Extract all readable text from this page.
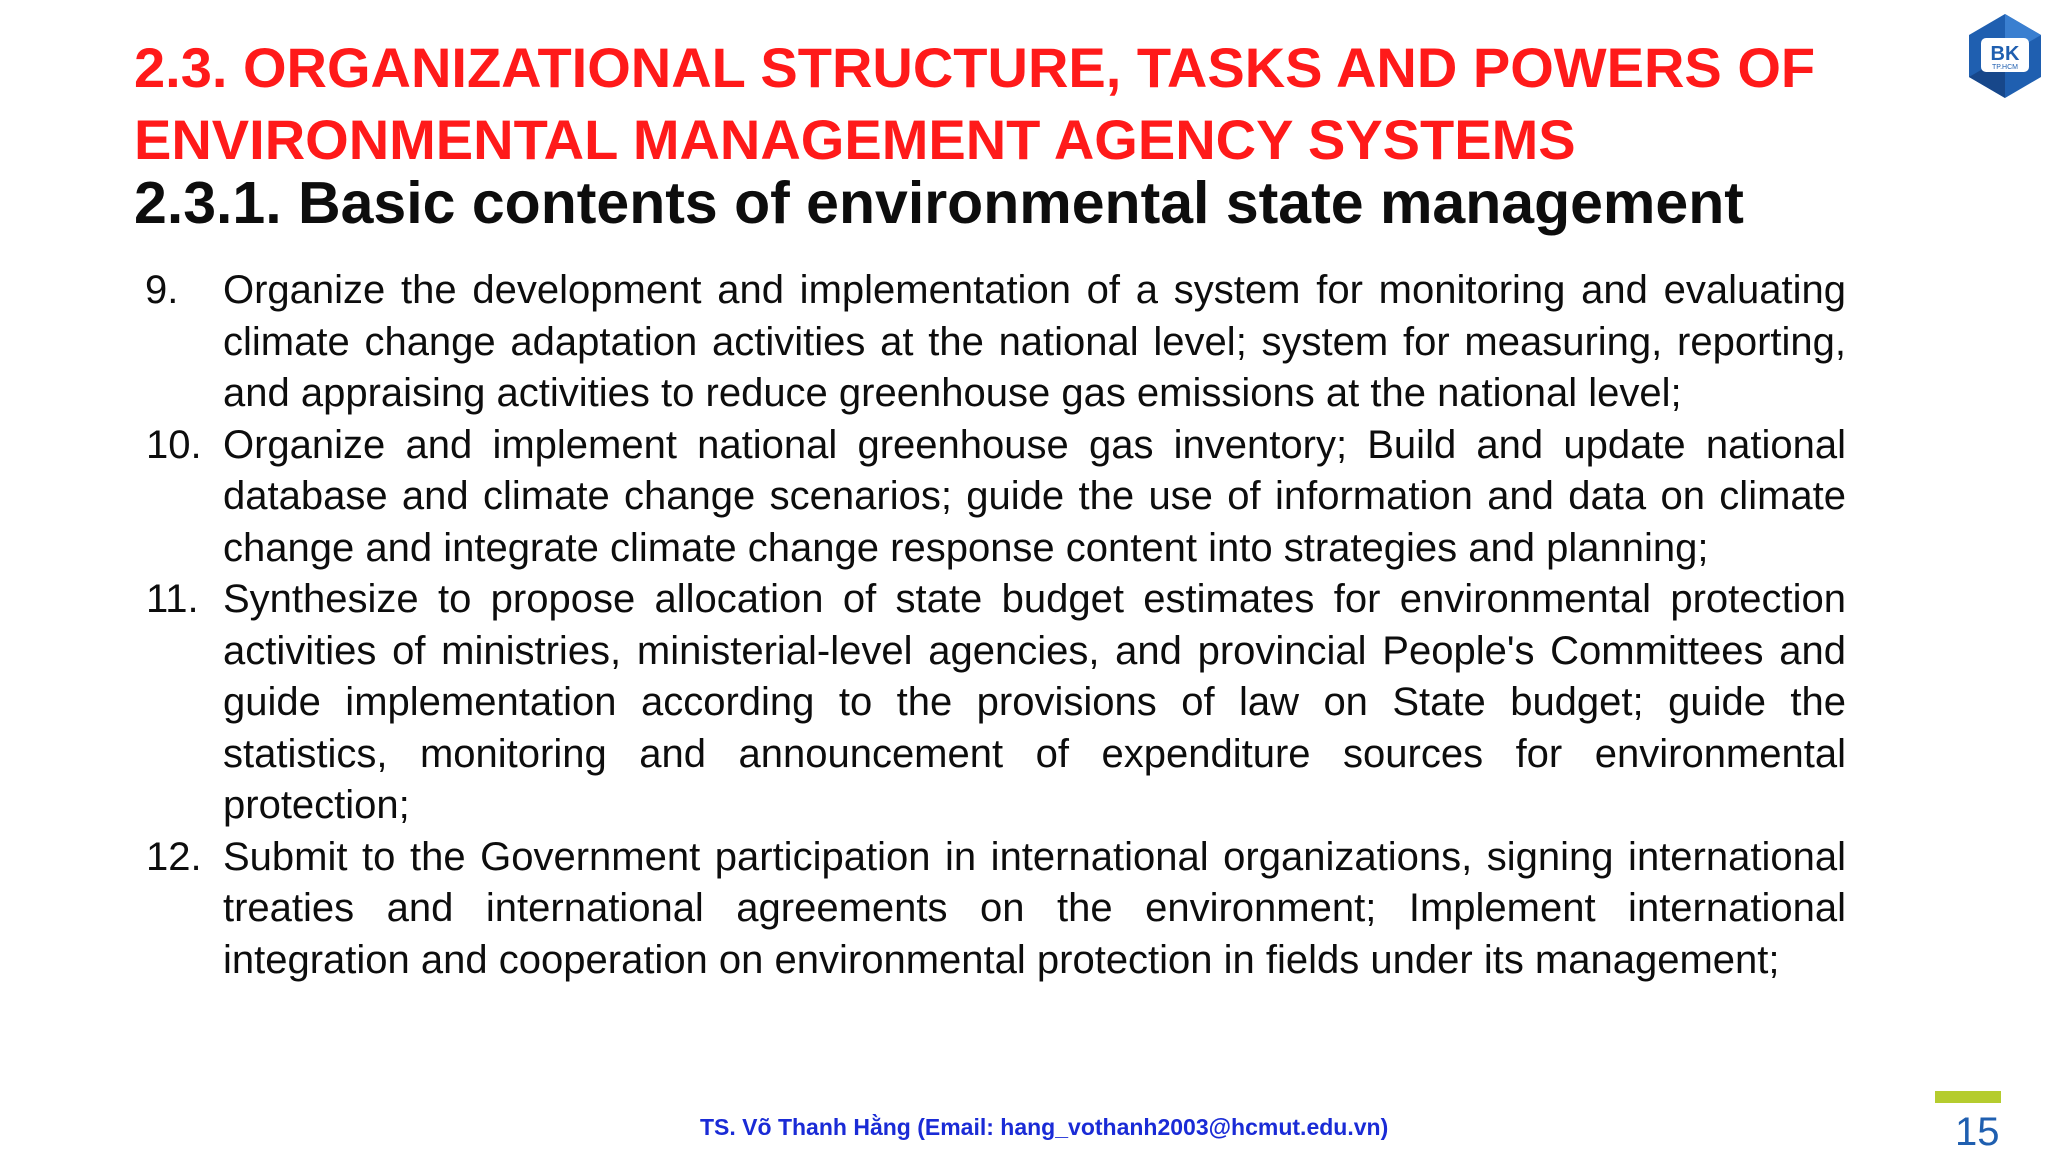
2.3. ORGANIZATIONAL STRUCTURE, TASKS AND POWERS OF ENVIRONMENTAL MANAGEMENT AGENCY SYSTEMS
2.3.1. Basic contents of environmental state management
BK
TP.HCM
9. Organize the development and implementation of a system for monitoring and evaluating climate change adaptation activities at the national level; system for measuring, reporting, and appraising activities to reduce greenhouse gas emissions at the national level;
10. Organize and implement national greenhouse gas inventory; Build and update national database and climate change scenarios; guide the use of information and data on climate change and integrate climate change response content into strategies and planning;
11. Synthesize to propose allocation of state budget estimates for environmental protection activities of ministries, ministerial-level agencies, and provincial People's Committees and guide implementation according to the provisions of law on State budget; guide the statistics, monitoring and announcement of expenditure sources for environmental protection;
12. Submit to the Government participation in international organizations, signing international treaties and international agreements on the environment; Implement international integration and cooperation on environmental protection in fields under its management;
TS. Võ Thanh Hằng (Email: hang_vothanh2003@hcmut.edu.vn)	15
